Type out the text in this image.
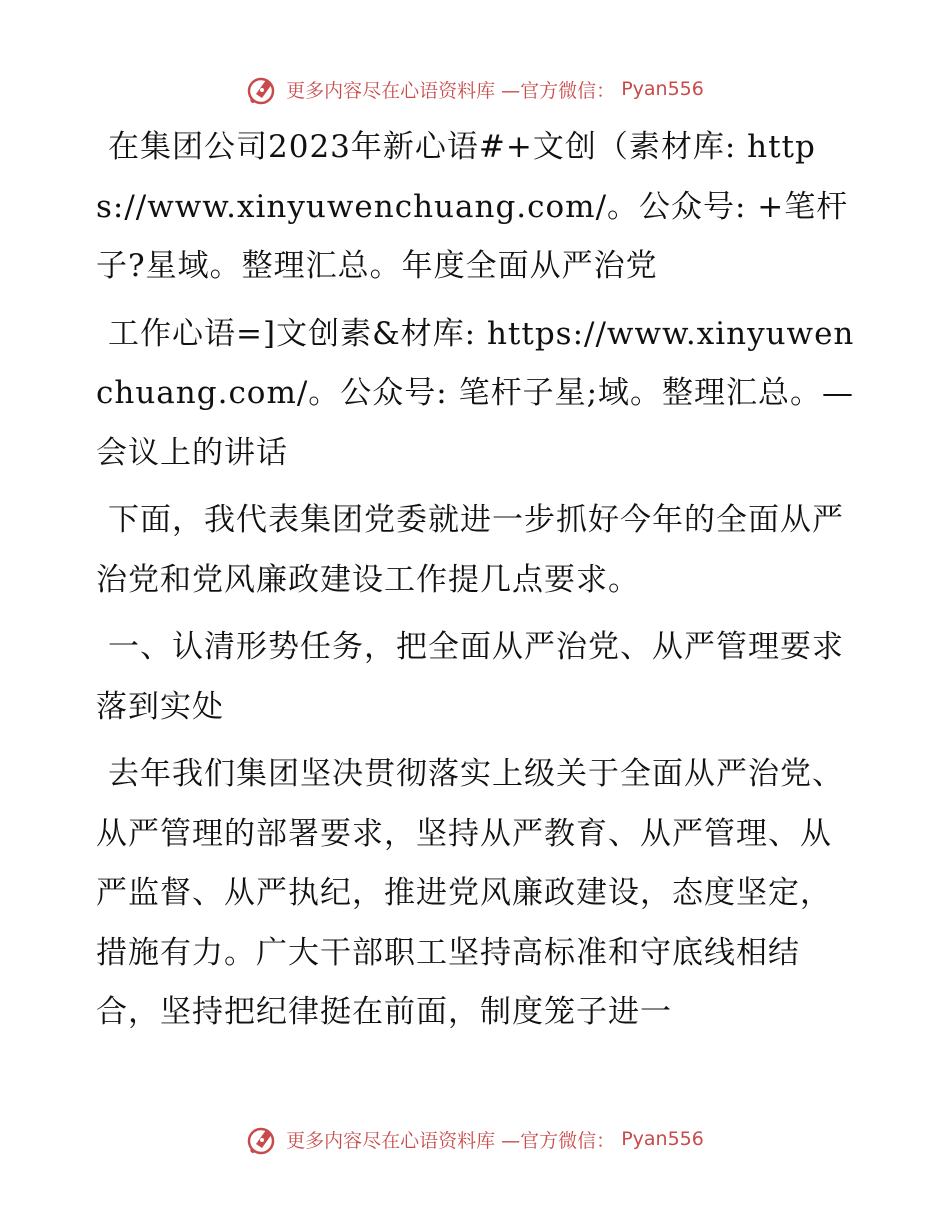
更多内容尽在心语资料库 —官方微信： Pyan556

在集团公司2023年新心语#+文创（素材库: https://www.xinyuwenchuang.com/。公众号: +笔杆子?星域。整理汇总。年度全面从严治党

工作心语=]文创素&材库: https://www.xinyuwenchuang.com/。公众号: 笔杆子星;域。整理汇总。—会议上的讲话

下面，我代表集团党委就进一步抓好今年的全面从严治党和党风廉政建设工作提几点要求。

一、认清形势任务，把全面从严治党、从严管理要求落到实处

去年我们集团坚决贯彻落实上级关于全面从严治党、从严管理的部署要求，坚持从严教育、从严管理、从严监督、从严执纪，推进党风廉政建设，态度坚定，措施有力。广大干部职工坚持高标准和守底线相结合，坚持把纪律挺在前面，制度笼子进一

更多内容尽在心语资料库 —官方微信： Pyan556
